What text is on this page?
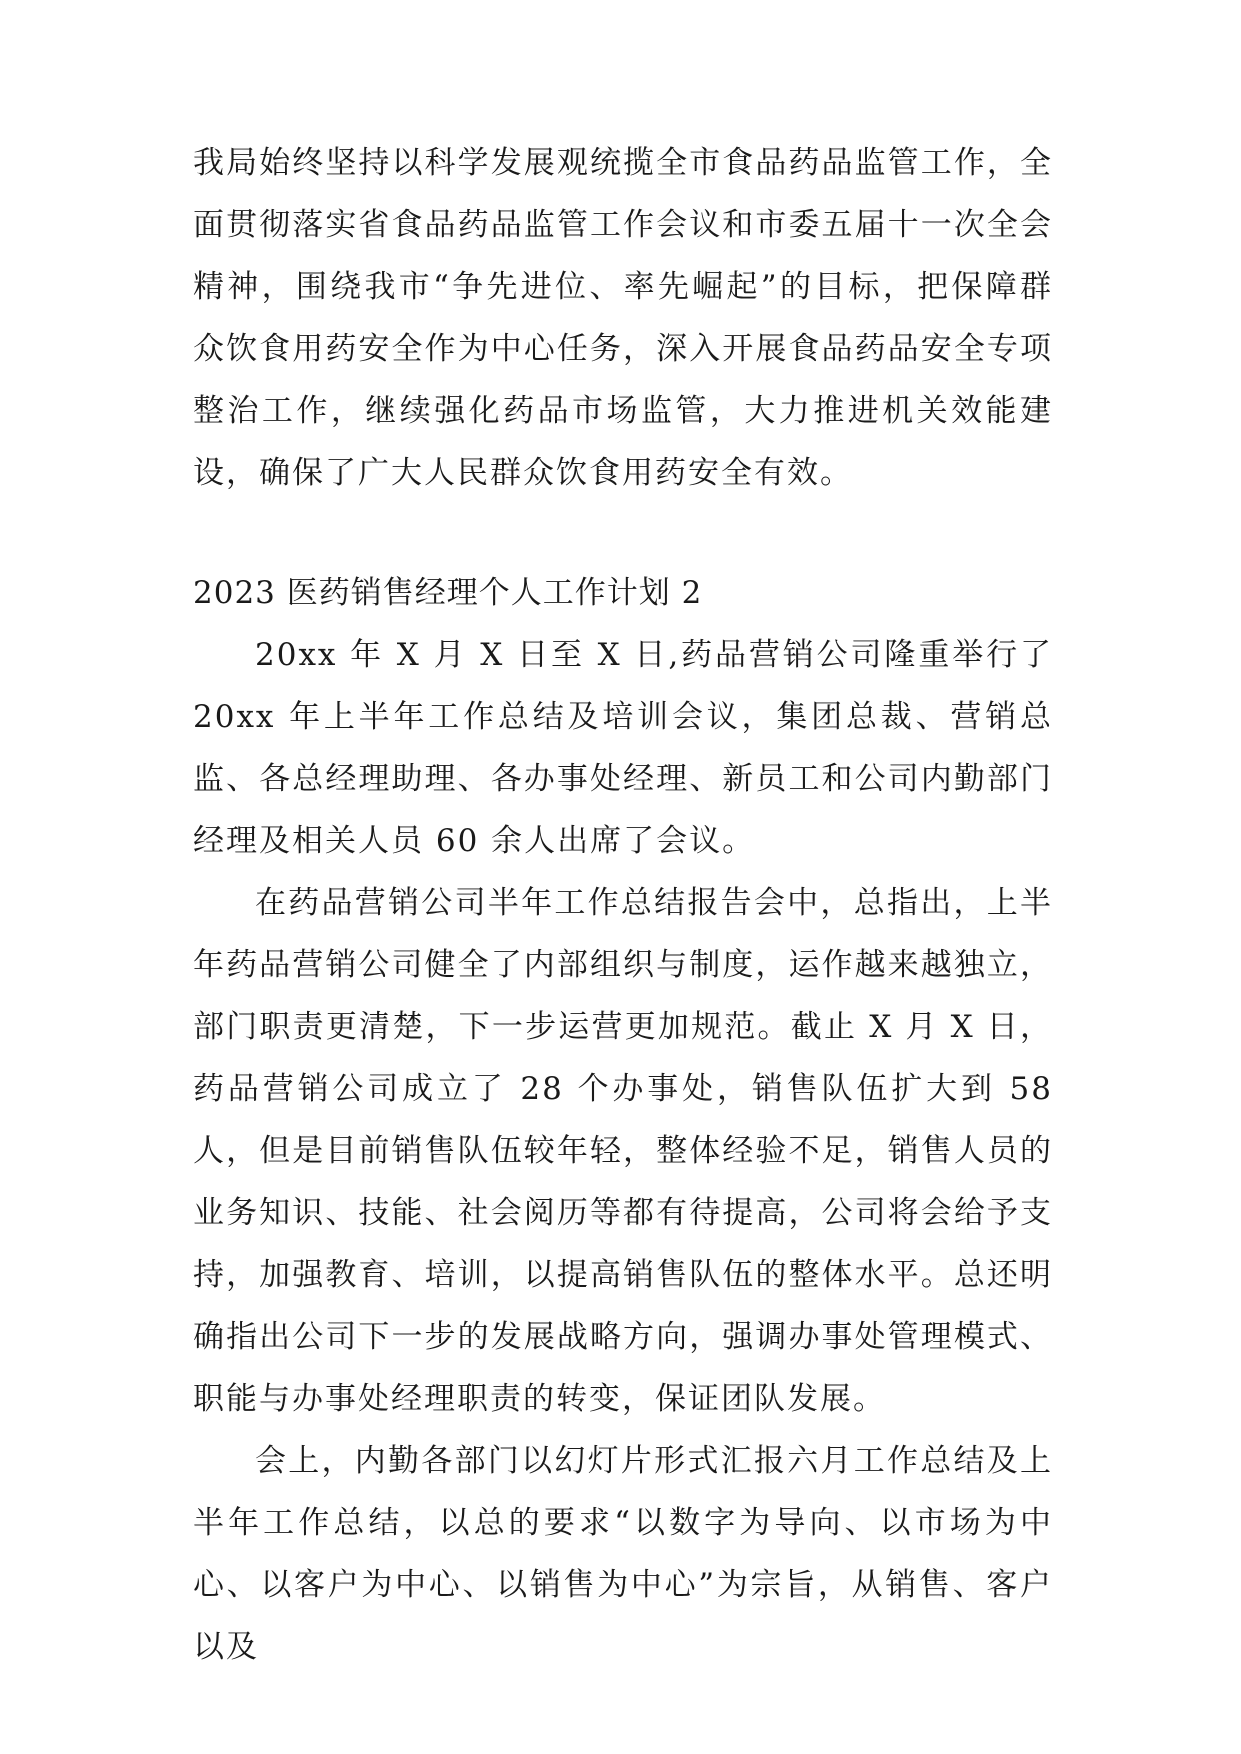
我局始终坚持以科学发展观统揽全市食品药品监管工作，全面贯彻落实省食品药品监管工作会议和市委五届十一次全会精神，围绕我市“争先进位、率先崛起”的目标，把保障群众饮食用药安全作为中心任务，深入开展食品药品安全专项整治工作，继续强化药品市场监管，大力推进机关效能建设，确保了广大人民群众饮食用药安全有效。

2023 医药销售经理个人工作计划 2

20xx 年 X 月 X 日至 X 日,药品营销公司隆重举行了 20xx 年上半年工作总结及培训会议，集团总裁、营销总监、各总经理助理、各办事处经理、新员工和公司内勤部门经理及相关人员 60 余人出席了会议。

在药品营销公司半年工作总结报告会中，总指出，上半年药品营销公司健全了内部组织与制度，运作越来越独立，部门职责更清楚，下一步运营更加规范。截止 X 月 X 日，药品营销公司成立了 28 个办事处，销售队伍扩大到 58 人，但是目前销售队伍较年轻，整体经验不足，销售人员的业务知识、技能、社会阅历等都有待提高，公司将会给予支持，加强教育、培训，以提高销售队伍的整体水平。总还明确指出公司下一步的发展战略方向，强调办事处管理模式、职能与办事处经理职责的转变，保证团队发展。

会上，内勤各部门以幻灯片形式汇报六月工作总结及上半年工作总结，以总的要求“以数字为导向、以市场为中心、以客户为中心、以销售为中心”为宗旨，从销售、客户以及
